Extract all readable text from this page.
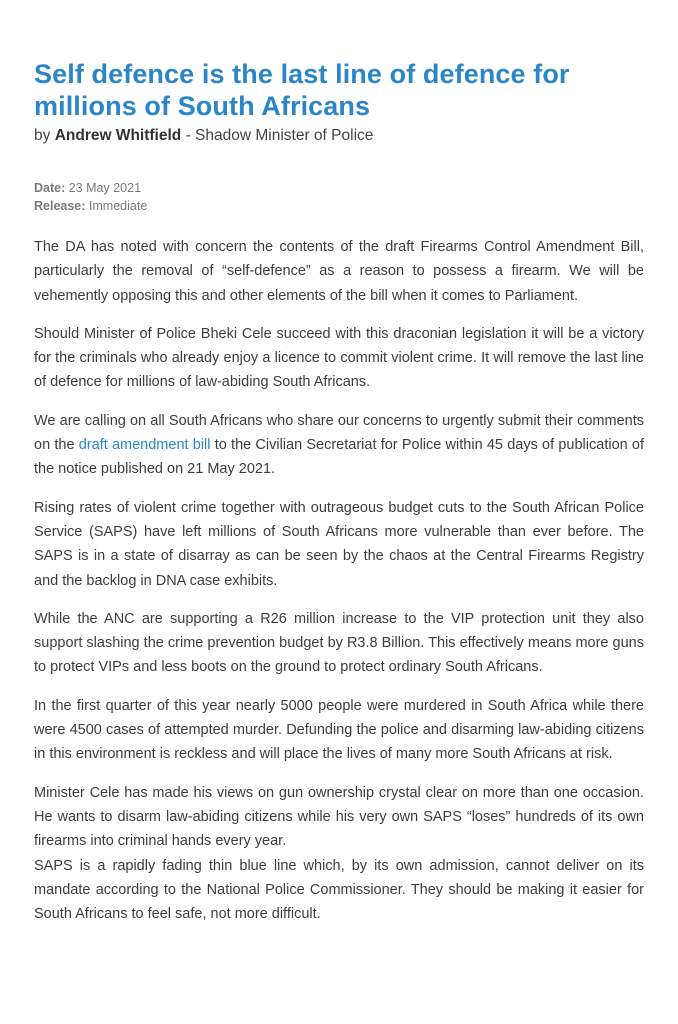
Self defence is the last line of defence for millions of South Africans
by Andrew Whitfield - Shadow Minister of Police
Date: 23 May 2021
Release: Immediate

The DA has noted with concern the contents of the draft Firearms Control Amendment Bill, particularly the removal of “self-defence” as a reason to possess a firearm. We will be vehemently opposing this and other elements of the bill when it comes to Parliament.

Should Minister of Police Bheki Cele succeed with this draconian legislation it will be a victory for the criminals who already enjoy a licence to commit violent crime. It will remove the last line of defence for millions of law-abiding South Africans.

We are calling on all South Africans who share our concerns to urgently submit their comments on the draft amendment bill to the Civilian Secretariat for Police within 45 days of publication of the notice published on 21 May 2021.

Rising rates of violent crime together with outrageous budget cuts to the South African Police Service (SAPS) have left millions of South Africans more vulnerable than ever before. The SAPS is in a state of disarray as can be seen by the chaos at the Central Firearms Registry and the backlog in DNA case exhibits.

While the ANC are supporting a R26 million increase to the VIP protection unit they also support slashing the crime prevention budget by R3.8 Billion. This effectively means more guns to protect VIPs and less boots on the ground to protect ordinary South Africans.

In the first quarter of this year nearly 5000 people were murdered in South Africa while there were 4500 cases of attempted murder. Defunding the police and disarming law-abiding citizens in this environment is reckless and will place the lives of many more South Africans at risk.

Minister Cele has made his views on gun ownership crystal clear on more than one occasion. He wants to disarm law-abiding citizens while his very own SAPS “loses” hundreds of its own firearms into criminal hands every year.

SAPS is a rapidly fading thin blue line which, by its own admission, cannot deliver on its mandate according to the National Police Commissioner. They should be making it easier for South Africans to feel safe, not more difficult.
